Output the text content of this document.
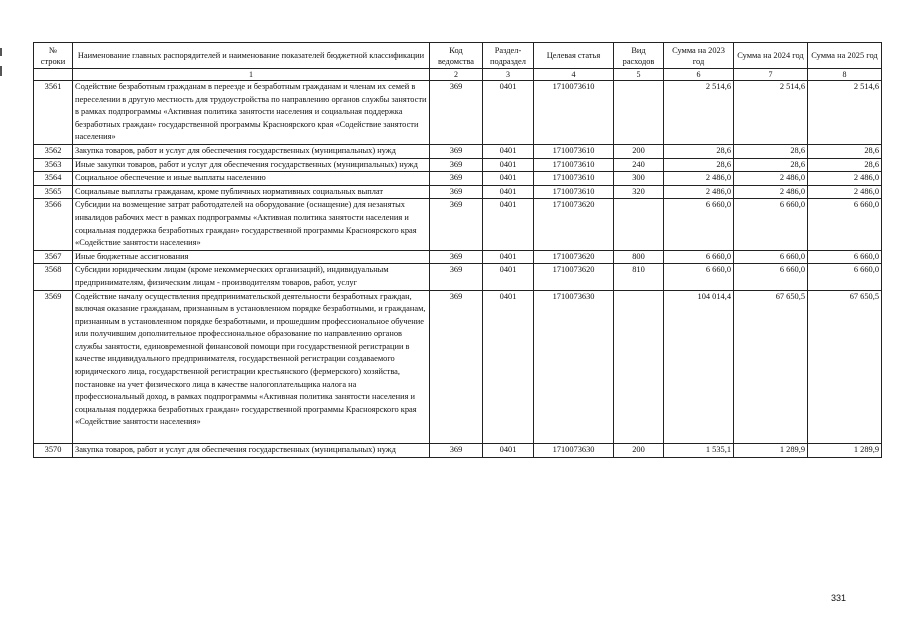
№ строки	Наименование главных распорядителей и наименование показателей бюджетной классификации	Код ведомства	Раздел-подраздел	Целевая статья	Вид расходов	Сумма на 2023 год	Сумма на 2024 год	Сумма на 2025 год
	1	2	3	4	5	6	7	8
3561	Содействие безработным гражданам в переезде и безработным гражданам и членам их семей в переселении в другую местность для трудоустройства по направлению органов службы занятости в рамках подпрограммы «Активная политика занятости населения и социальная поддержка безработных граждан» государственной программы Красноярского края «Содействие занятости населения»	369	0401	1710073610		2 514,6	2 514,6	2 514,6
3562	Закупка товаров, работ и услуг для обеспечения государственных (муниципальных) нужд	369	0401	1710073610	200	28,6	28,6	28,6
3563	Иные закупки товаров, работ и услуг для обеспечения государственных (муниципальных) нужд	369	0401	1710073610	240	28,6	28,6	28,6
3564	Социальное обеспечение и иные выплаты населению	369	0401	1710073610	300	2 486,0	2 486,0	2 486,0
3565	Социальные выплаты гражданам, кроме публичных нормативных социальных выплат	369	0401	1710073610	320	2 486,0	2 486,0	2 486,0
3566	Субсидии на возмещение затрат работодателей на оборудование (оснащение) для незанятых инвалидов рабочих мест в рамках подпрограммы «Активная политика занятости населения и социальная поддержка безработных граждан» государственной программы Красноярского края «Содействие занятости населения»	369	0401	1710073620		6 660,0	6 660,0	6 660,0
3567	Иные бюджетные ассигнования	369	0401	1710073620	800	6 660,0	6 660,0	6 660,0
3568	Субсидии юридическим лицам (кроме некоммерческих организаций), индивидуальным предпринимателям, физическим лицам - производителям товаров, работ, услуг	369	0401	1710073620	810	6 660,0	6 660,0	6 660,0
3569	Содействие началу осуществления предпринимательской деятельности безработных граждан, включая оказание гражданам, признанным в установленном порядке безработными, и гражданам, признанным в установленном порядке безработными, и прошедшим профессиональное обучение или получившим дополнительное профессиональное образование по направлению органов службы занятости, единовременной финансовой помощи при государственной регистрации в качестве индивидуального предпринимателя, государственной регистрации создаваемого юридического лица, государственной регистрации крестьянского (фермерского) хозяйства, постановке на учет физического лица в качестве налогоплательщика налога на профессиональный доход, в рамках подпрограммы «Активная политика занятости населения и социальная поддержка безработных граждан» государственной программы Красноярского края «Содействие занятости населения»	369	0401	1710073630		104 014,4	67 650,5	67 650,5
3570	Закупка товаров, работ и услуг для обеспечения государственных (муниципальных) нужд	369	0401	1710073630	200	1 535,1	1 289,9	1 289,9
331
